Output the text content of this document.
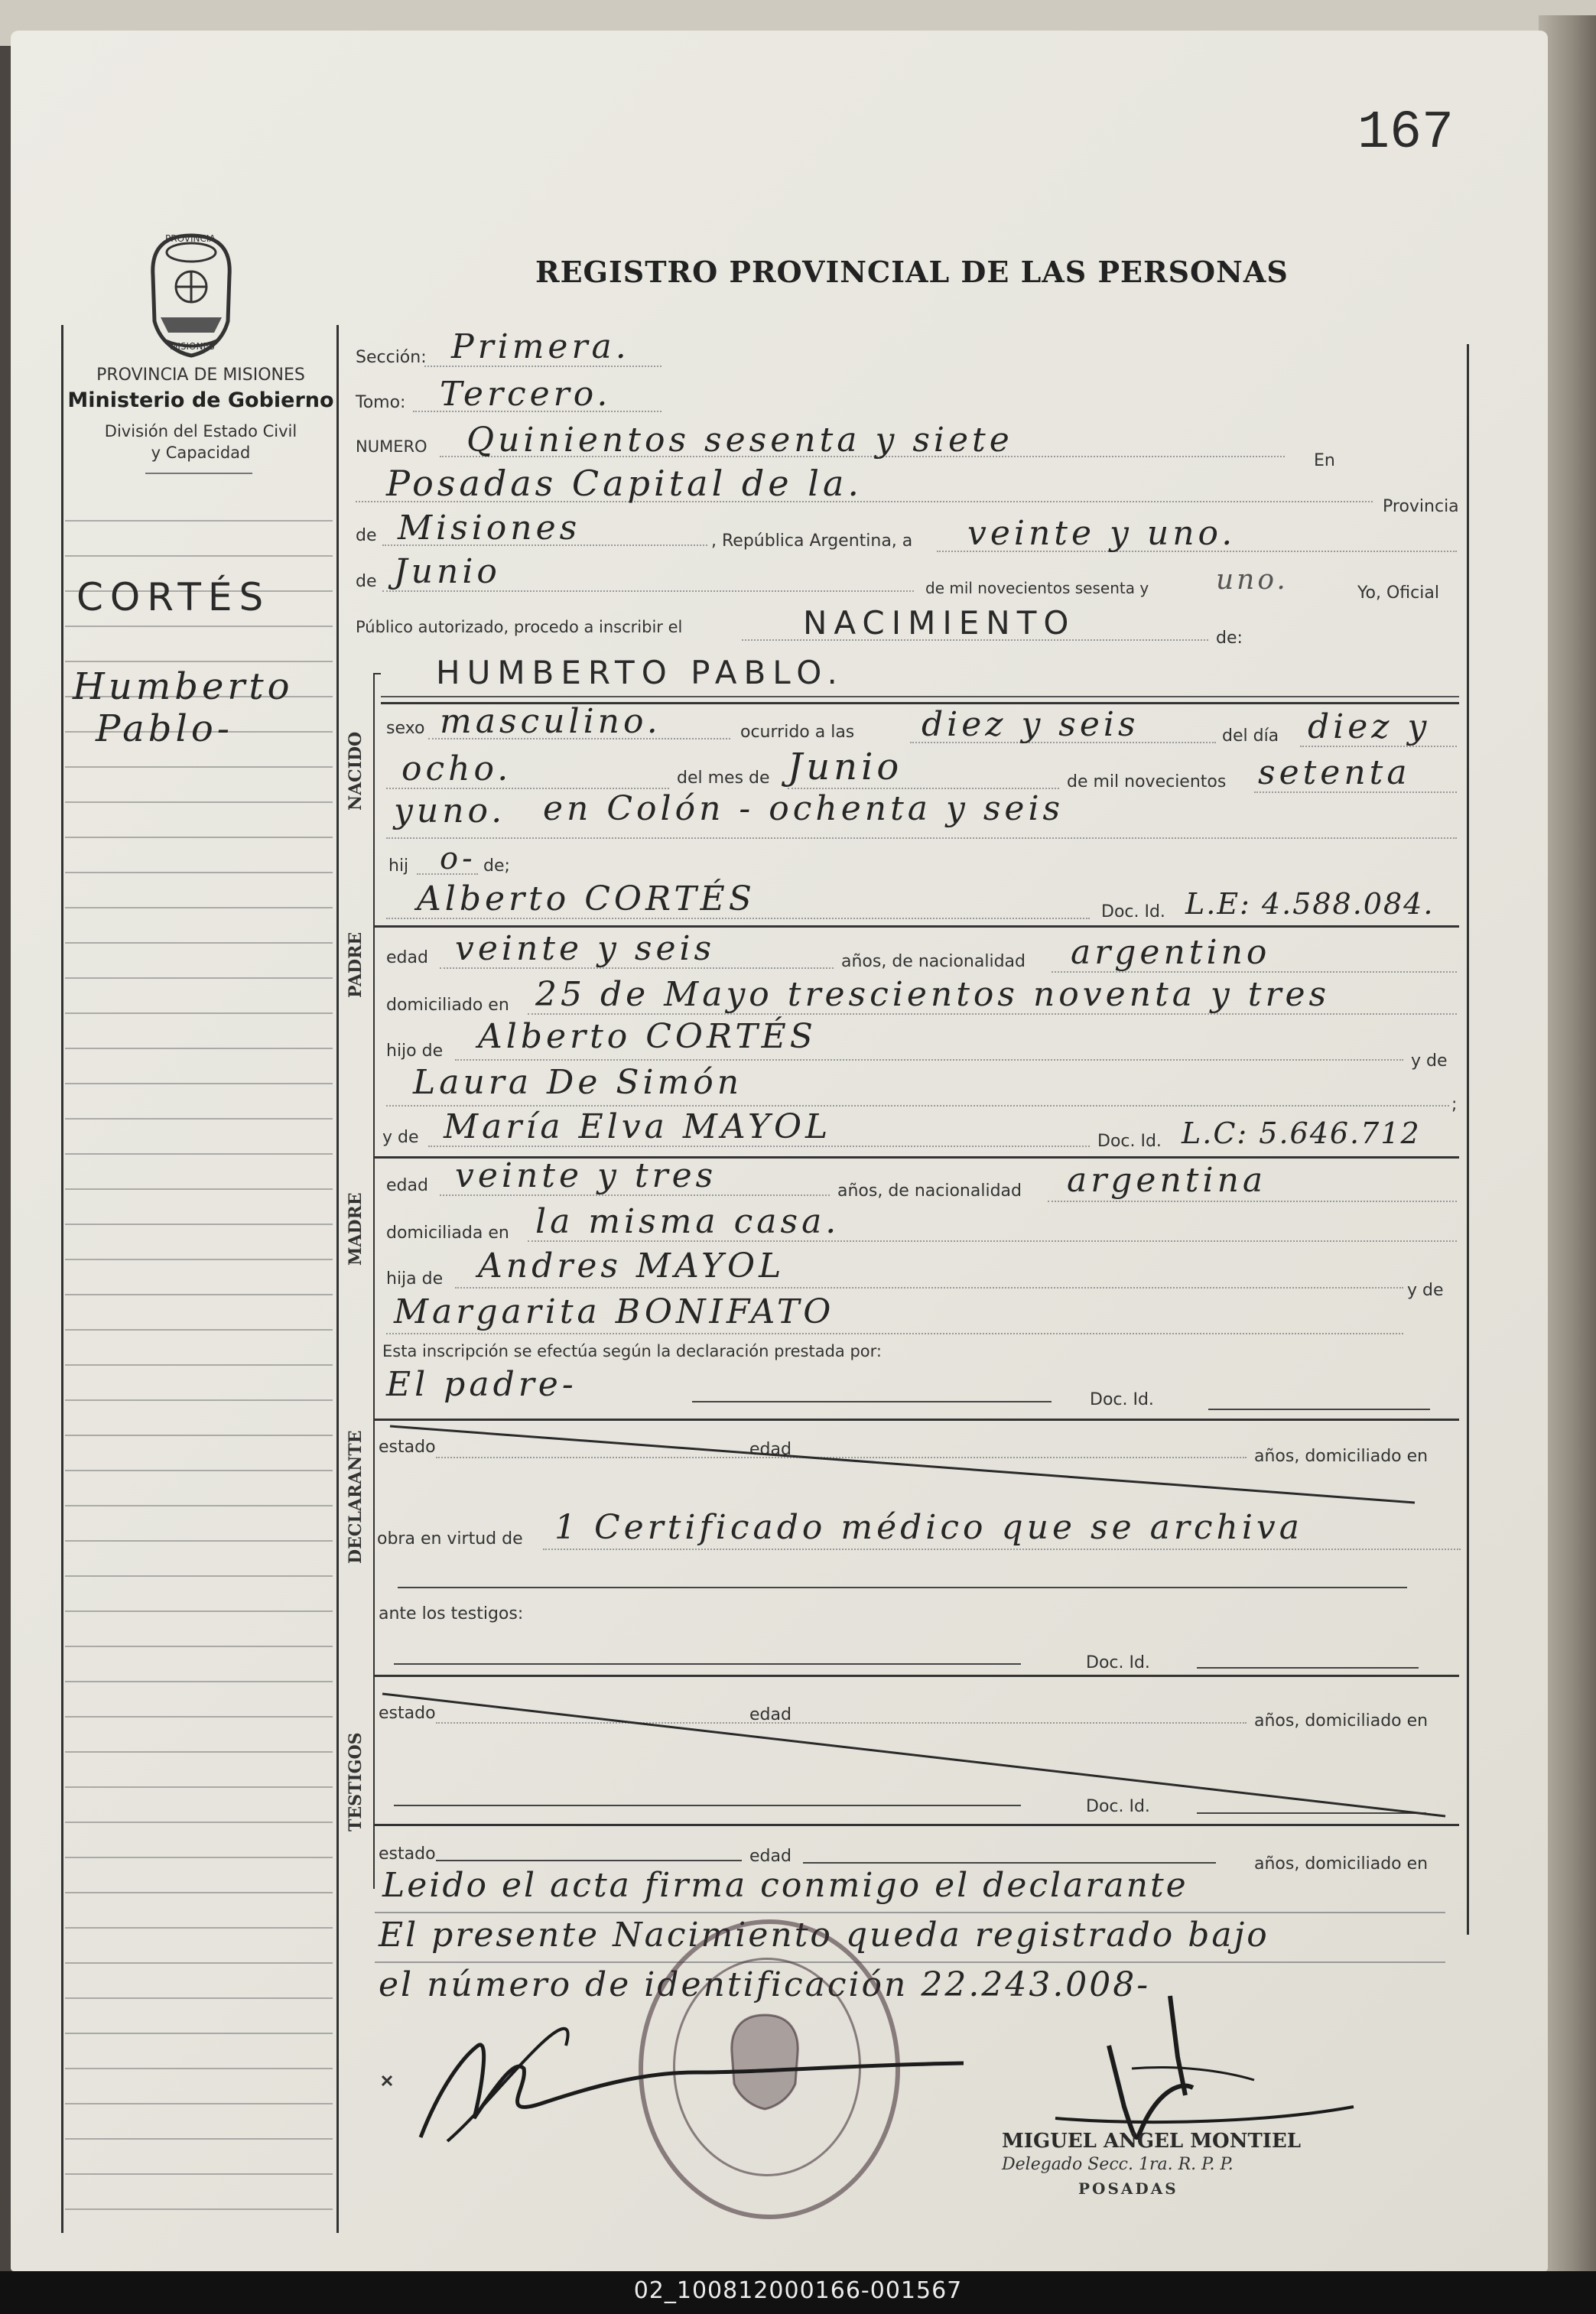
167
REGISTRO PROVINCIAL DE LAS PERSONAS
PROVINCIA
MISIONES
PROVINCIA DE MISIONES
Ministerio de Gobierno
División del Estado Civil
y Capacidad
CORTÉS
Humberto
Pablo-
Sección: Primera.
Tomo: Tercero.
NUMERO Quinientos sesenta y siete
En
Posadas Capital de la.
Provincia
de Misiones	, República Argentina, a veinte y uno.
de Junio	de mil novecientos sesenta y uno.	Yo, Oficial
Público autorizado, procedo a inscribir el	NACIMIENTO	de:
HUMBERTO PABLO.
NACIDO
sexo masculino.	ocurrido a las diez y seis	del día diez y
ocho.	del mes de Junio	de mil novecientos setenta
yuno. en Colón - ochenta y seis
hij o- de;
Alberto CORTÉS	Doc. Id. L.E: 4.588.084.
PADRE edad veinte y seis	años, de nacionalidad argentino
domiciliado en 25 de Mayo trescientos noventa y tres
hijo de Alberto CORTÉS
y de
Laura De Simón
;
y de María Elva MAYOL	Doc. Id. L.C: 5.646.712
MADRE
edad veinte y tres	años, de nacionalidad argentina
domiciliada en la misma casa.
hija de Andres MAYOL
Margarita BONIFATO
y de
Esta inscripción se efectúa según la declaración prestada por:
El padre-	Doc. Id.
DECLARANTE estado	edad	años, domiciliado en
obra en virtud de 1 Certificado médico que se archiva
ante los testigos:
Doc. Id.
TESTIGOS
estado	edad	años, domiciliado en
Doc. Id.
estado	edad	años, domiciliado en
Leido el acta firma conmigo el declarante
El presente Nacimiento queda registrado bajo
el número de identificación 22.243.008-
MIGUEL ANGEL MONTIEL
Delegado Secc. 1ra. R. P. P.
POSADAS
02_100812000166-001567
